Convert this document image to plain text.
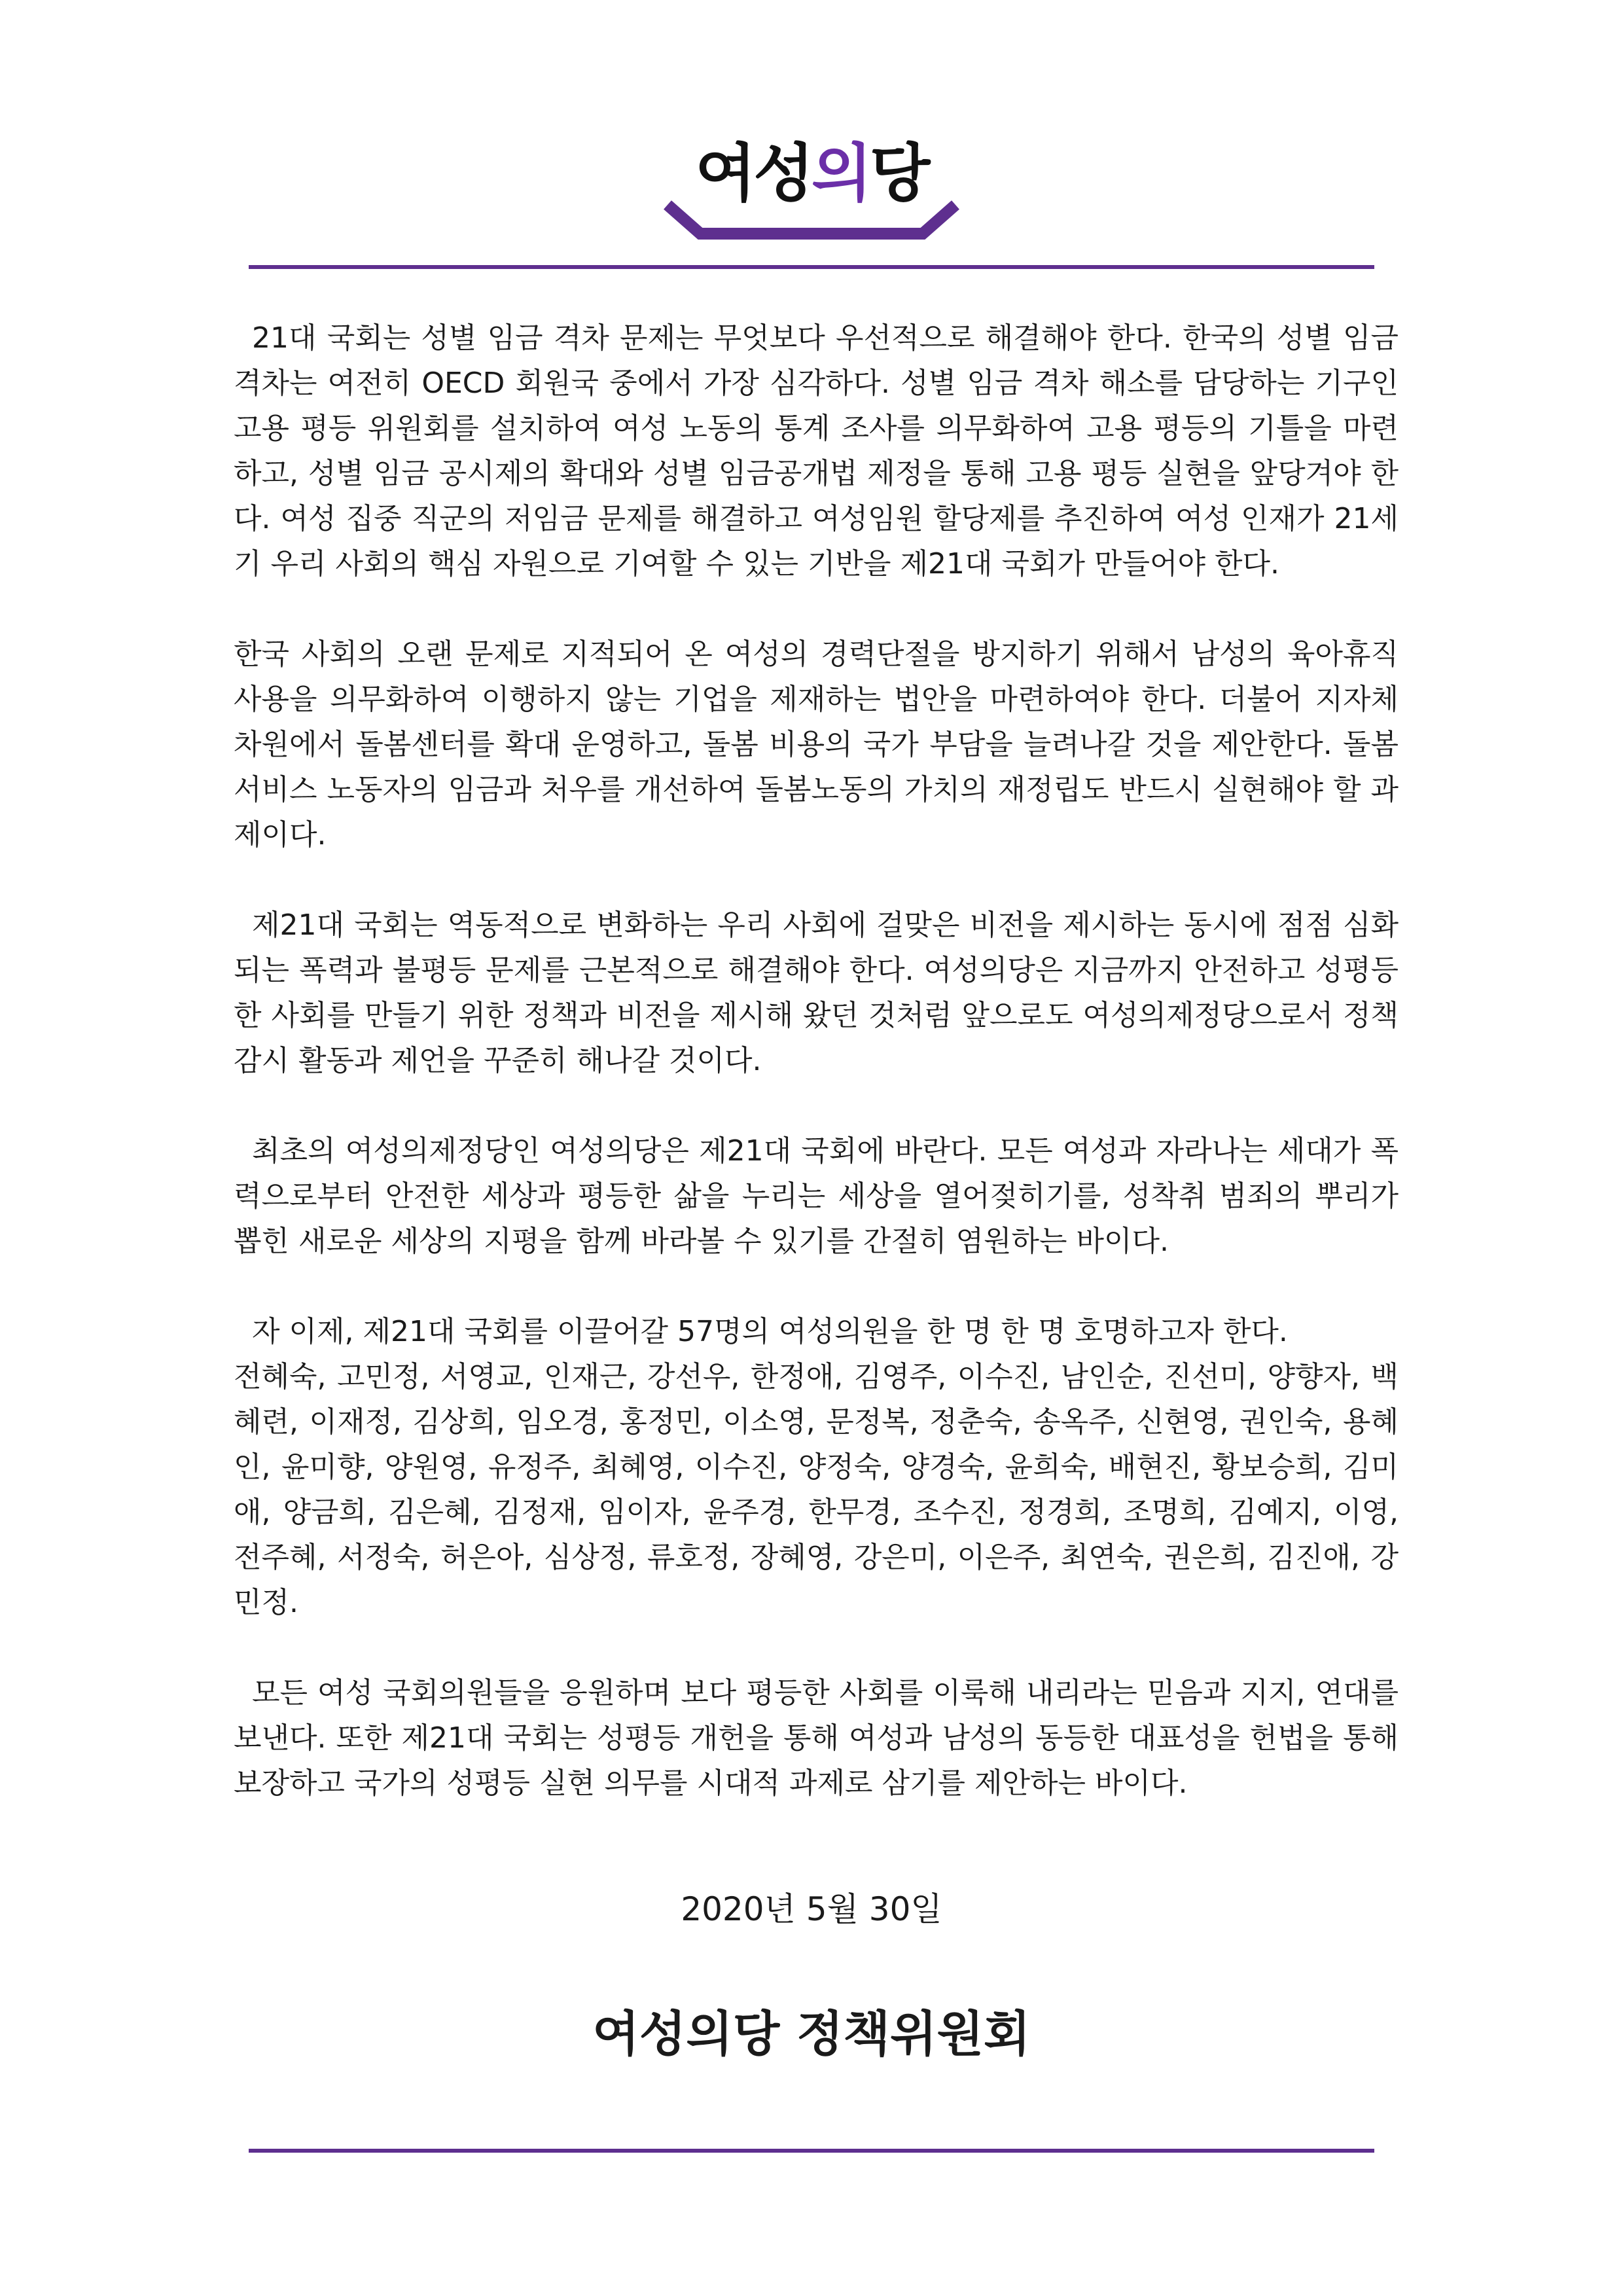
여성의당

21대 국회는 성별 임금 격차 문제는 무엇보다 우선적으로 해결해야 한다. 한국의 성별 임금 격차는 여전히 OECD 회원국 중에서 가장 심각하다. 성별 임금 격차 해소를 담당하는 기구인 고용 평등 위원회를 설치하여 여성 노동의 통계 조사를 의무화하여 고용 평등의 기틀을 마련하고, 성별 임금 공시제의 확대와 성별 임금공개법 제정을 통해 고용 평등 실현을 앞당겨야 한다. 여성 집중 직군의 저임금 문제를 해결하고 여성임원 할당제를 추진하여 여성 인재가 21세기 우리 사회의 핵심 자원으로 기여할 수 있는 기반을 제21대 국회가 만들어야 한다.

한국 사회의 오랜 문제로 지적되어 온 여성의 경력단절을 방지하기 위해서 남성의 육아휴직 사용을 의무화하여 이행하지 않는 기업을 제재하는 법안을 마련하여야 한다. 더불어 지자체 차원에서 돌봄센터를 확대 운영하고, 돌봄 비용의 국가 부담을 늘려나갈 것을 제안한다. 돌봄서비스 노동자의 임금과 처우를 개선하여 돌봄노동의 가치의 재정립도 반드시 실현해야 할 과제이다.

제21대 국회는 역동적으로 변화하는 우리 사회에 걸맞은 비전을 제시하는 동시에 점점 심화되는 폭력과 불평등 문제를 근본적으로 해결해야 한다. 여성의당은 지금까지 안전하고 성평등한 사회를 만들기 위한 정책과 비전을 제시해 왔던 것처럼 앞으로도 여성의제정당으로서 정책감시 활동과 제언을 꾸준히 해나갈 것이다.

최초의 여성의제정당인 여성의당은 제21대 국회에 바란다. 모든 여성과 자라나는 세대가 폭력으로부터 안전한 세상과 평등한 삶을 누리는 세상을 열어젖히기를, 성착취 범죄의 뿌리가 뽑힌 새로운 세상의 지평을 함께 바라볼 수 있기를 간절히 염원하는 바이다.

자 이제, 제21대 국회를 이끌어갈 57명의 여성의원을 한 명 한 명 호명하고자 한다.

전혜숙, 고민정, 서영교, 인재근, 강선우, 한정애, 김영주, 이수진, 남인순, 진선미, 양향자, 백혜련, 이재정, 김상희, 임오경, 홍정민, 이소영, 문정복, 정춘숙, 송옥주, 신현영, 권인숙, 용혜인, 윤미향, 양원영, 유정주, 최혜영, 이수진, 양정숙, 양경숙, 윤희숙, 배현진, 황보승희, 김미애, 양금희, 김은혜, 김정재, 임이자, 윤주경, 한무경, 조수진, 정경희, 조명희, 김예지, 이영, 전주혜, 서정숙, 허은아, 심상정, 류호정, 장혜영, 강은미, 이은주, 최연숙, 권은희, 김진애, 강민정.

모든 여성 국회의원들을 응원하며 보다 평등한 사회를 이룩해 내리라는 믿음과 지지, 연대를 보낸다. 또한 제21대 국회는 성평등 개헌을 통해 여성과 남성의 동등한 대표성을 헌법을 통해 보장하고 국가의 성평등 실현 의무를 시대적 과제로 삼기를 제안하는 바이다.

2020년 5월 30일
여성의당 정책위원회
